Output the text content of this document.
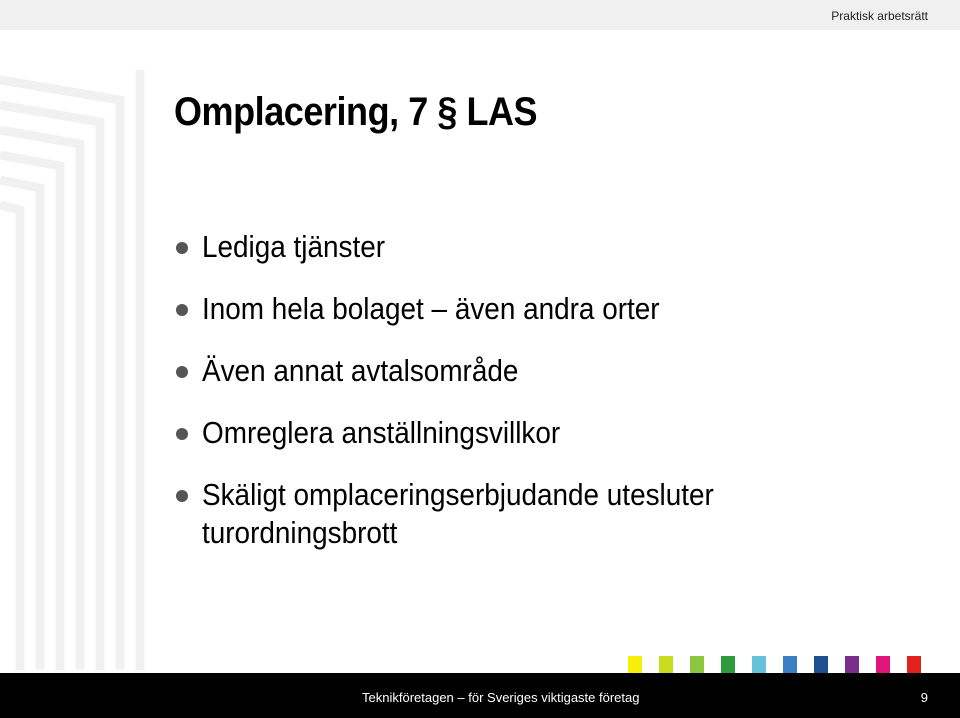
Praktisk arbetsrätt
Omplacering, 7 § LAS
Lediga tjänster
Inom hela bolaget – även andra orter
Även annat avtalsområde
Omreglera anställningsvillkor
Skäligt omplaceringserbjudande utesluter turordningsbrott
Teknikföretagen – för Sveriges viktigaste företag	9
